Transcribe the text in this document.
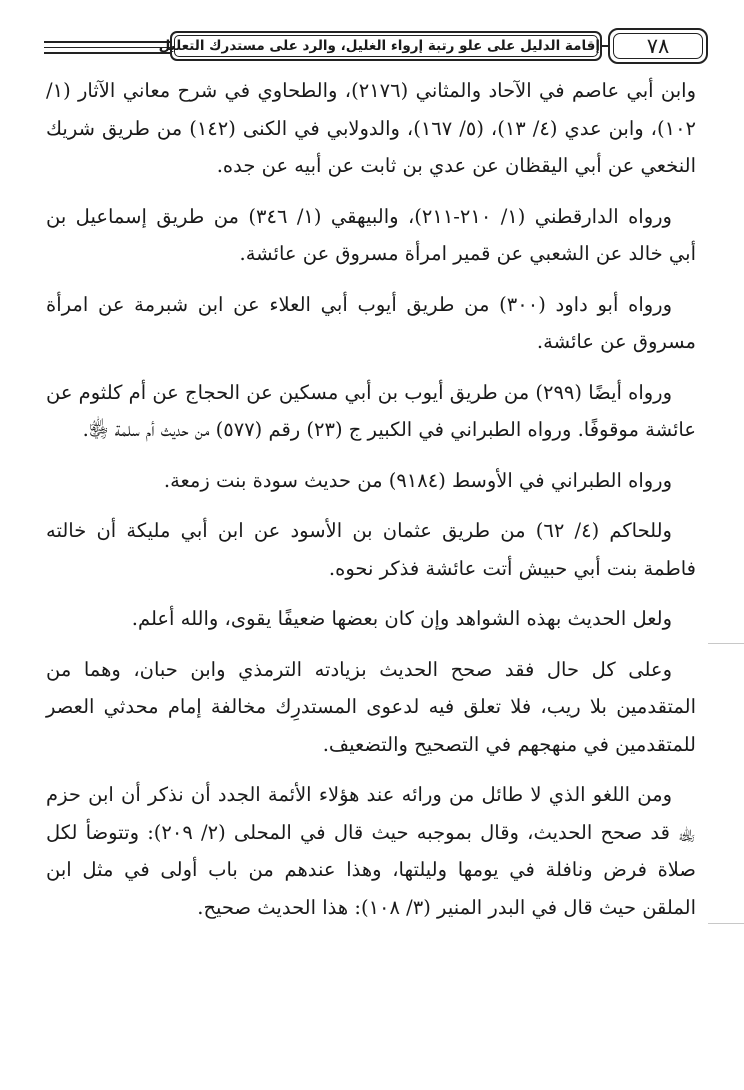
إقامة الدليل على علو رتبة إرواء الغليل، والرد على مستدرك التعليل	٧٨

وابن أبي عاصم في الآحاد والمثاني (٢١٧٦)، والطحاوي في شرح معاني الآثار (١/ ١٠٢)، وابن عدي (٤/ ١٣)، (٥/ ١٦٧)، والدولابي في الكنى (١٤٢) من طريق شريك النخعي عن أبي اليقظان عن عدي بن ثابت عن أبيه عن جده.

ورواه الدارقطني (١/ ٢١٠-٢١١)، والبيهقي (١/ ٣٤٦) من طريق إسماعيل بن أبي خالد عن الشعبي عن قمير امرأة مسروق عن عائشة.

ورواه أبو داود (٣٠٠) من طريق أيوب أبي العلاء عن ابن شبرمة عن امرأة مسروق عن عائشة.

ورواه أيضًا (٢٩٩) من طريق أيوب بن أبي مسكين عن الحجاج عن أم كلثوم عن عائشة موقوفًا. ورواه الطبراني في الكبير ج (٢٣) رقم (٥٧٧) من حديث أم سلمة ﵂.

ورواه الطبراني في الأوسط (٩١٨٤) من حديث سودة بنت زمعة.

وللحاكم (٤/ ٦٢) من طريق عثمان بن الأسود عن ابن أبي مليكة أن خالته فاطمة بنت أبي حبيش أتت عائشة فذكر نحوه.

ولعل الحديث بهذه الشواهد وإن كان بعضها ضعيفًا يقوى، والله أعلم.

وعلى كل حال فقد صحح الحديث بزيادته الترمذي وابن حبان، وهما من المتقدمين بلا ريب، فلا تعلق فيه لدعوى المستدرِك مخالفة إمام محدثي العصر للمتقدمين في منهجهم في التصحيح والتضعيف.

ومن اللغو الذي لا طائل من ورائه عند هؤلاء الأئمة الجدد أن نذكر أن ابن حزم ﵀ قد صحح الحديث، وقال بموجبه حيث قال في المحلى (٢/ ٢٠٩): وتتوضأ لكل صلاة فرض ونافلة في يومها وليلتها، وهذا عندهم من باب أولى في مثل ابن الملقن حيث قال في البدر المنير (٣/ ١٠٨): هذا الحديث صحيح.
